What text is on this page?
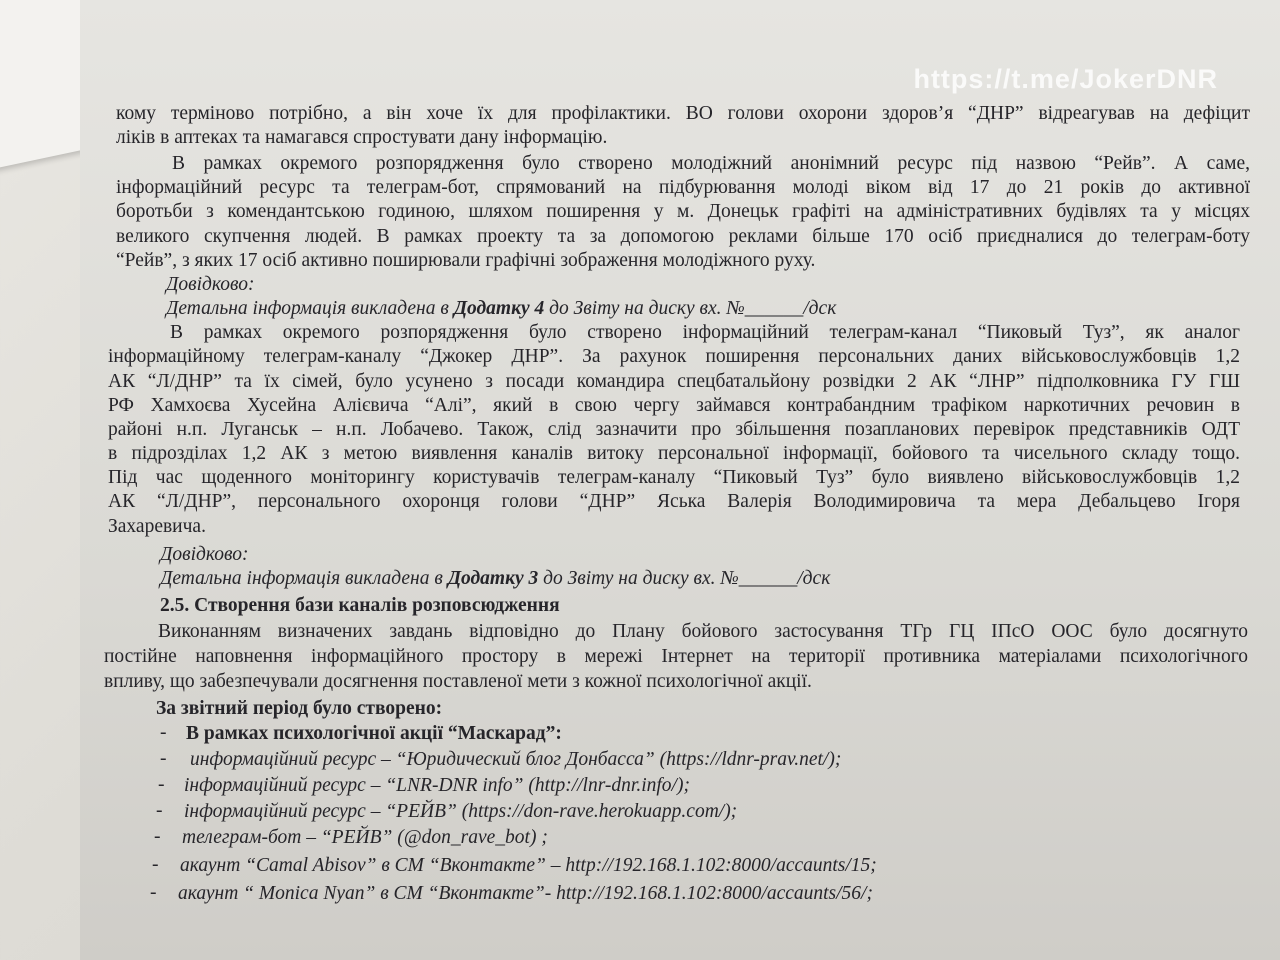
https://t.me/JokerDNR
кому терміново потрібно, а він хоче їх для профілактики. ВО голови охорони здоров’я “ДНР” відреагував на дефіцит
ліків в аптеках та намагався спростувати дану інформацію.
В рамках окремого розпорядження було створено молодіжний анонімний ресурс під назвою “Рейв”. А саме,
інформаційний ресурс та телеграм-бот, спрямований на підбурювання молоді віком від 17 до 21 років до активної
боротьби з комендантською годиною, шляхом поширення у м. Донецьк графіті на адміністративних будівлях та у місцях
великого скупчення людей. В рамках проекту та за допомогою реклами більше 170 осіб приєдналися до телеграм-боту
“Рейв”, з яких 17 осіб активно поширювали графічні зображення молодіжного руху.
Довідково:
Детальна інформація викладена в Додатку 4 до Звіту на диску вх. №______/дск
В рамках окремого розпорядження було створено інформаційний телеграм-канал “Пиковый Туз”, як аналог
інформаційному телеграм-каналу “Джокер ДНР”. За рахунок поширення персональних даних військовослужбовців 1,2
АК “Л/ДНР” та їх сімей, було усунено з посади командира спецбатальйону розвідки 2 АК “ЛНР” підполковника ГУ ГШ
РФ Хамхоєва Хусейна Алієвича “Алі”, який в свою чергу займався контрабандним трафіком наркотичних речовин в
районі н.п. Луганськ – н.п. Лобачево. Також, слід зазначити про збільшення позапланових перевірок представників ОДТ
в підрозділах 1,2 АК з метою виявлення каналів витоку персональної інформації, бойового та чисельного складу тощо.
Під час щоденного моніторингу користувачів телеграм-каналу “Пиковый Туз” було виявлено військовослужбовців 1,2
АК “Л/ДНР”, персонального охоронця голови “ДНР” Яська Валерія Володимировича та мера Дебальцево Ігоря
Захаревича.
Довідково:
Детальна інформація викладена в Додатку 3 до Звіту на диску вх. №______/дск
2.5. Створення бази каналів розповсюдження
Виконанням визначених завдань відповідно до Плану бойового застосування ТГр ГЦ ІПсО ООС було досягнуто
постійне наповнення інформаційного простору в мережі Інтернет на території противника матеріалами психологічного
впливу, що забезпечували досягнення поставленої мети з кожної психологічної акції.
За звітний період було створено:
- В рамках психологічної акції “Маскарад”:
- информаційний ресурс – “Юридический блог Донбасса” (https://ldnr-prav.net/);
- інформаційний ресурс – “LNR-DNR info” (http://lnr-dnr.info/);
- інформаційний ресурс – “РЕЙВ” (https://don-rave.herokuapp.com/);
- телеграм-бот – “РЕЙВ” (@don_rave_bot) ;
- акаунт “Camal Abisov” в СМ “Вконтакте” – http://192.168.1.102:8000/accaunts/15;
- акаунт “ Monica Nyan” в СМ “Вконтакте”- http://192.168.1.102:8000/accaunts/56/;
